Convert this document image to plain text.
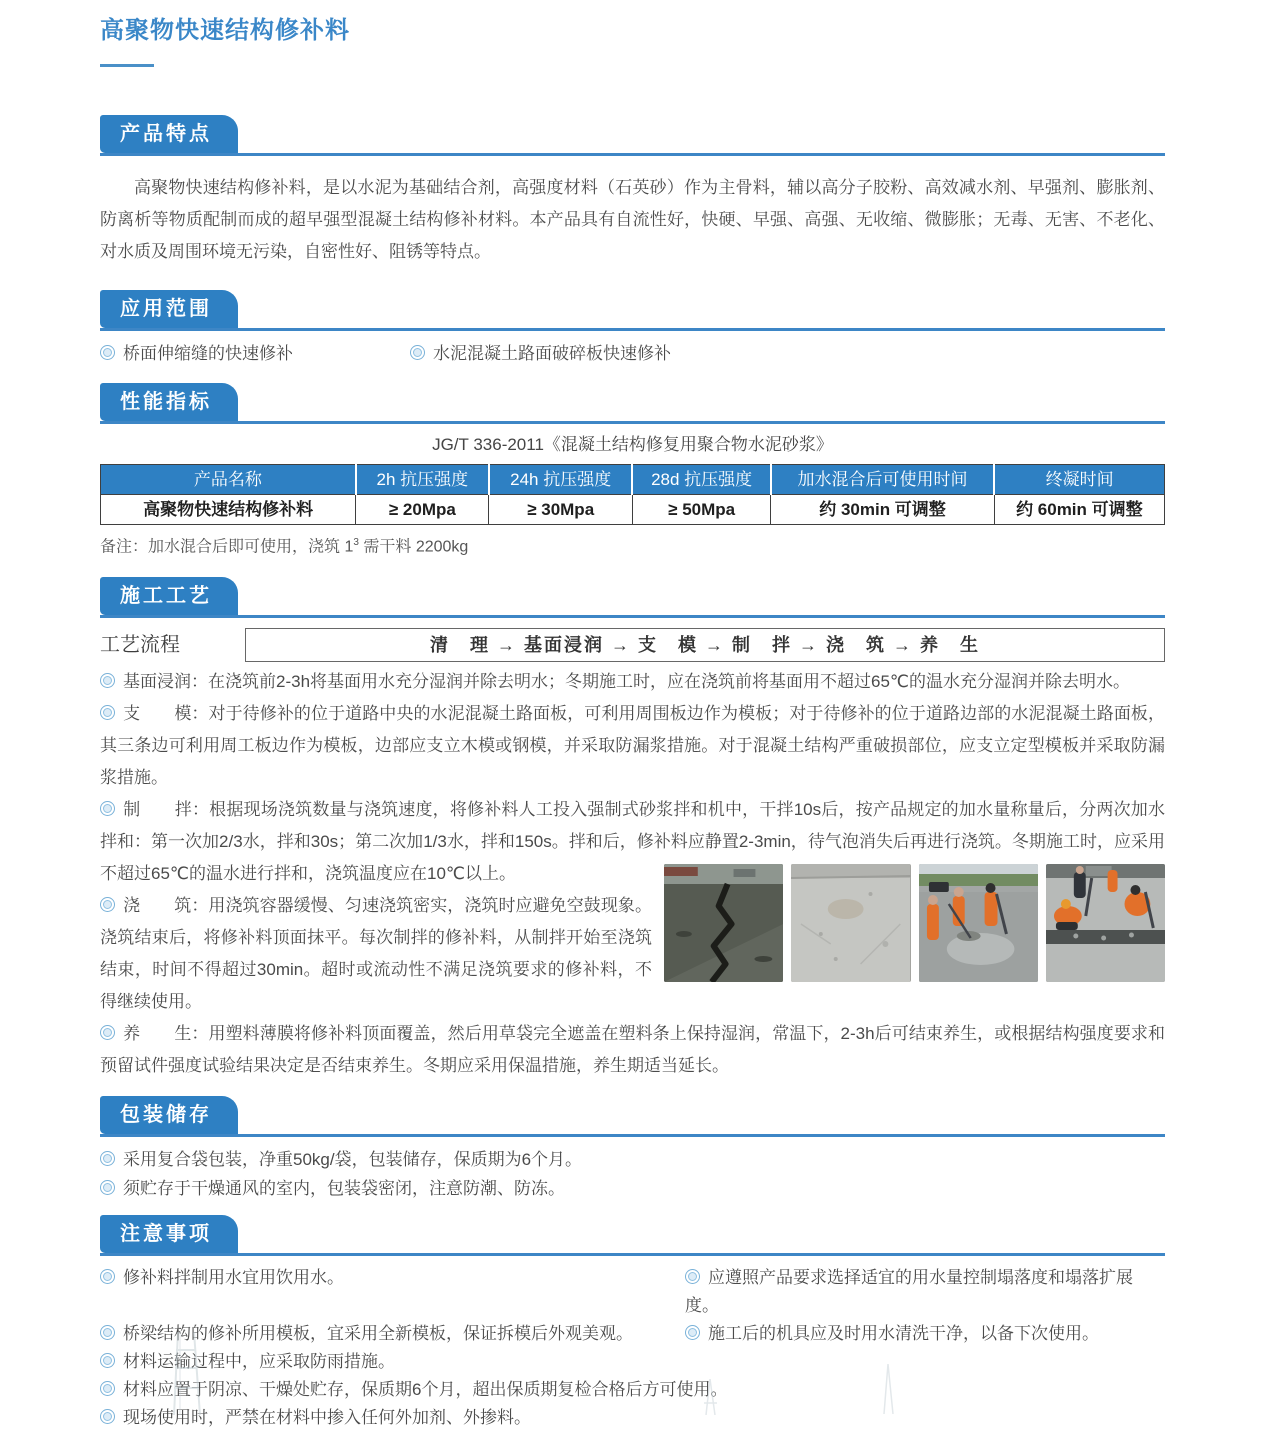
高聚物快速结构修补料
产品特点

高聚物快速结构修补料，是以水泥为基础结合剂，高强度材料（石英砂）作为主骨料，辅以高分子胶粉、高效减水剂、早强剂、膨胀剂、防离析等物质配制而成的超早强型混凝土结构修补材料。本产品具有自流性好，快硬、早强、高强、无收缩、微膨胀；无毒、无害、不老化、对水质及周围环境无污染，自密性好、阻锈等特点。

应用范围
桥面伸缩缝的快速修补	水泥混凝土路面破碎板快速修补
性能指标
JG/T 336-2011《混凝土结构修复用聚合物水泥砂浆》
产品名称	2h 抗压强度	24h 抗压强度	28d 抗压强度	加水混合后可使用时间	终凝时间
高聚物快速结构修补料	≥ 20Mpa	≥ 30Mpa	≥ 50Mpa	约 30min 可调整	约 60min 可调整
备注：加水混合后即可使用，浇筑 $1^3$ 需干料 2200kg
施工工艺
工艺流程	清　理 → 基面浸润 → 支　模 → 制　拌 → 浇　筑 → 养　生

基面浸润：在浇筑前2-3h将基面用水充分湿润并除去明水；冬期施工时，应在浇筑前将基面用不超过65℃的温水充分湿润并除去明水。

支　　模：对于待修补的位于道路中央的水泥混凝土路面板，可利用周围板边作为模板；对于待修补的位于道路边部的水泥混凝土路面板，其三条边可利用周工板边作为模板，边部应支立木模或钢模，并采取防漏浆措施。对于混凝土结构严重破损部位，应支立定型模板并采取防漏浆措施。

制　　拌：根据现场浇筑数量与浇筑速度，将修补料人工投入强制式砂浆拌和机中，干拌10s后，按产品规定的加水量称量后，分两次加水拌和：第一次加2/3水，拌和30s；第二次加1/3水，拌和150s。拌和后，修补料应静置2-3min，待气泡消失后再进行浇筑。冬期施工时，应采用不超过65℃的温水进行拌和，浇筑温度应在10℃以上。

浇　　筑：用浇筑容器缓慢、匀速浇筑密实，浇筑时应避免空鼓现象。浇筑结束后，将修补料顶面抹平。每次制拌的修补料，从制拌开始至浇筑结束，时间不得超过30min。超时或流动性不满足浇筑要求的修补料，不得继续使用。

养　　生：用塑料薄膜将修补料顶面覆盖，然后用草袋完全遮盖在塑料条上保持湿润，常温下，2-3h后可结束养生，或根据结构强度要求和预留试件强度试验结果决定是否结束养生。冬期应采用保温措施，养生期适当延长。

包装储存

采用复合袋包装，净重50kg/袋，包装储存，保质期为6个月。

须贮存于干燥通风的室内，包装袋密闭，注意防潮、防冻。

注意事项
修补料拌制用水宜用饮用水。	应遵照产品要求选择适宜的用水量控制塌落度和塌落扩展度。
桥梁结构的修补所用模板，宜采用全新模板，保证拆模后外观美观。	施工后的机具应及时用水清洗干净，以备下次使用。
材料运输过程中，应采取防雨措施。
材料应置于阴凉、干燥处贮存，保质期6个月，超出保质期复检合格后方可使用。
现场使用时，严禁在材料中掺入任何外加剂、外掺料。
